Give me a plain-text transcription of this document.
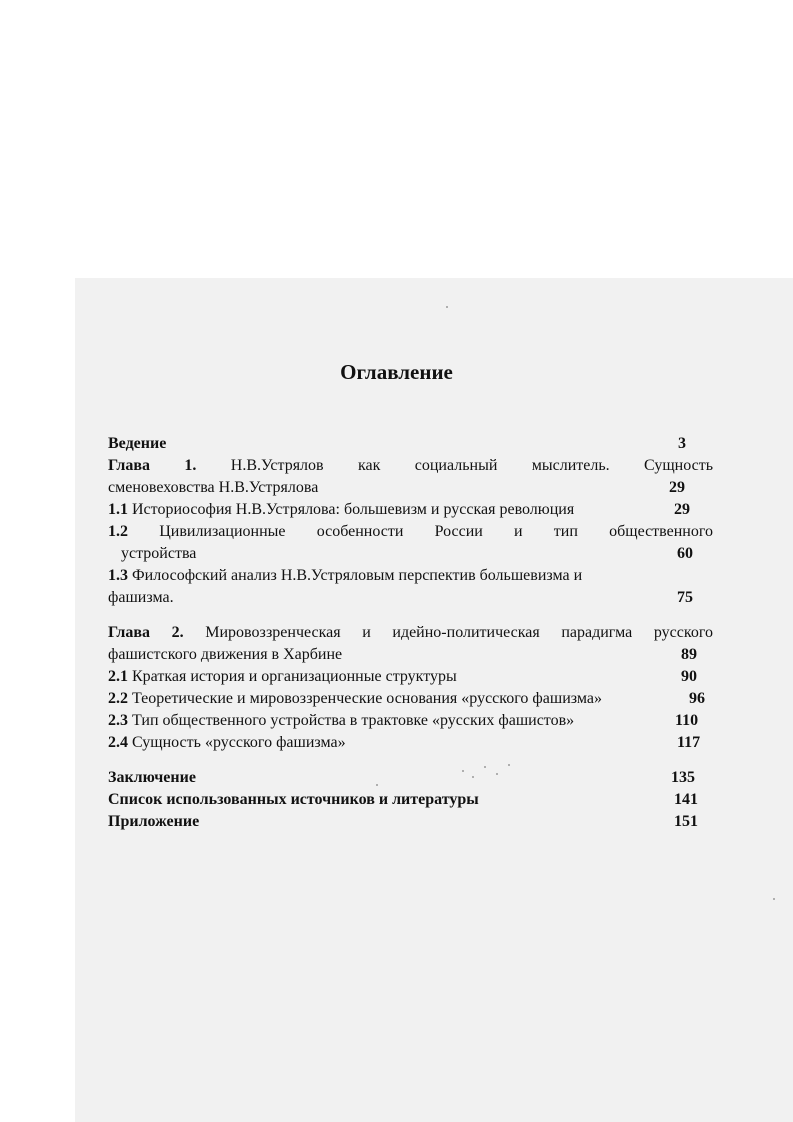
Оглавление
Ведение	3
Глава 1. Н.В.Устрялов как социальный мыслитель. Сущность
сменовеховства Н.В.Устрялова	29
1.1 Историософия Н.В.Устрялова: большевизм и русская революция	29
1.2 Цивилизационные особенности России и тип общественного
устройства	60
1.3 Философский анализ Н.В.Устряловым перспектив большевизма и
фашизма.	75
Глава 2. Мировоззренческая и идейно-политическая парадигма русского
фашистского движения в Харбине	89
2.1 Краткая история и организационные структуры	90
2.2 Теоретические и мировоззренческие основания «русского фашизма»	96
2.3 Тип общественного устройства в трактовке «русских фашистов»	110
2.4 Сущность «русского фашизма»	117
Заключение	135
Список использованных источников и литературы	141
Приложение	151
